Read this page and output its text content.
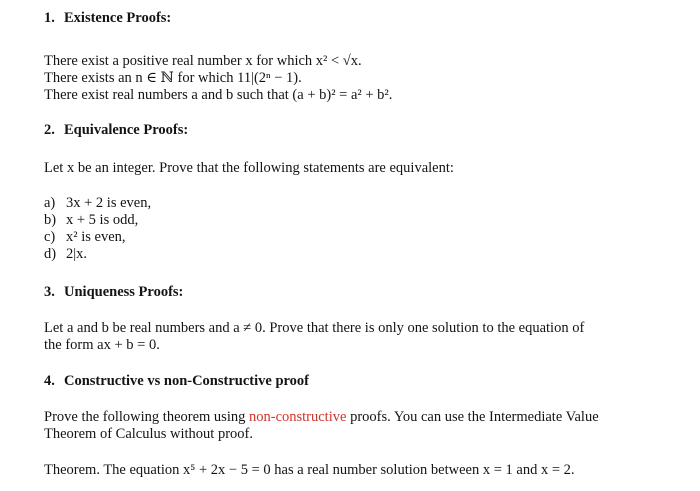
1. Existence Proofs:
There exist a positive real number x for which x² < √x.
There exists an n ∈ ℕ for which 11|(2ⁿ − 1).
There exist real numbers a and b such that (a + b)² = a² + b².
2. Equivalence Proofs:
Let x be an integer. Prove that the following statements are equivalent:
a) 3x + 2 is even,
b) x + 5 is odd,
c) x² is even,
d) 2|x.
3. Uniqueness Proofs:
Let a and b be real numbers and a ≠ 0. Prove that there is only one solution to the equation of
the form ax + b = 0.
4. Constructive vs non-Constructive proof
Prove the following theorem using non-constructive proofs. You can use the Intermediate Value
Theorem of Calculus without proof.
Theorem. The equation x⁵ + 2x − 5 = 0 has a real number solution between x = 1 and x = 2.
